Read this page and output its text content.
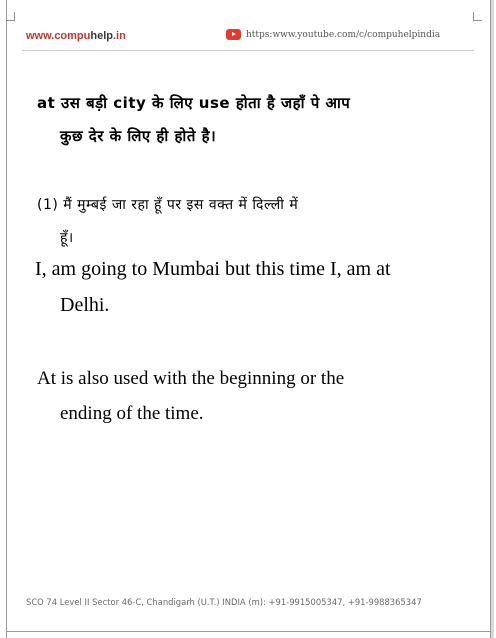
www.compuhelp.in	https:www.youtube.com/c/compuhelpindia
at उस बड़ी city के लिए use होता है जहाँ पे आप
कुछ देर के लिए ही होते है।
(1) मैं मुम्बई जा रहा हूँ पर इस वक्त में दिल्ली में
हूँ।
I, am going to Mumbai but this time I, am at
Delhi.
At is also used with the beginning or the
ending of the time.
SCO 74 Level II Sector 46-C, Chandigarh (U.T.) INDIA (m): +91-9915005347, +91-9988365347
